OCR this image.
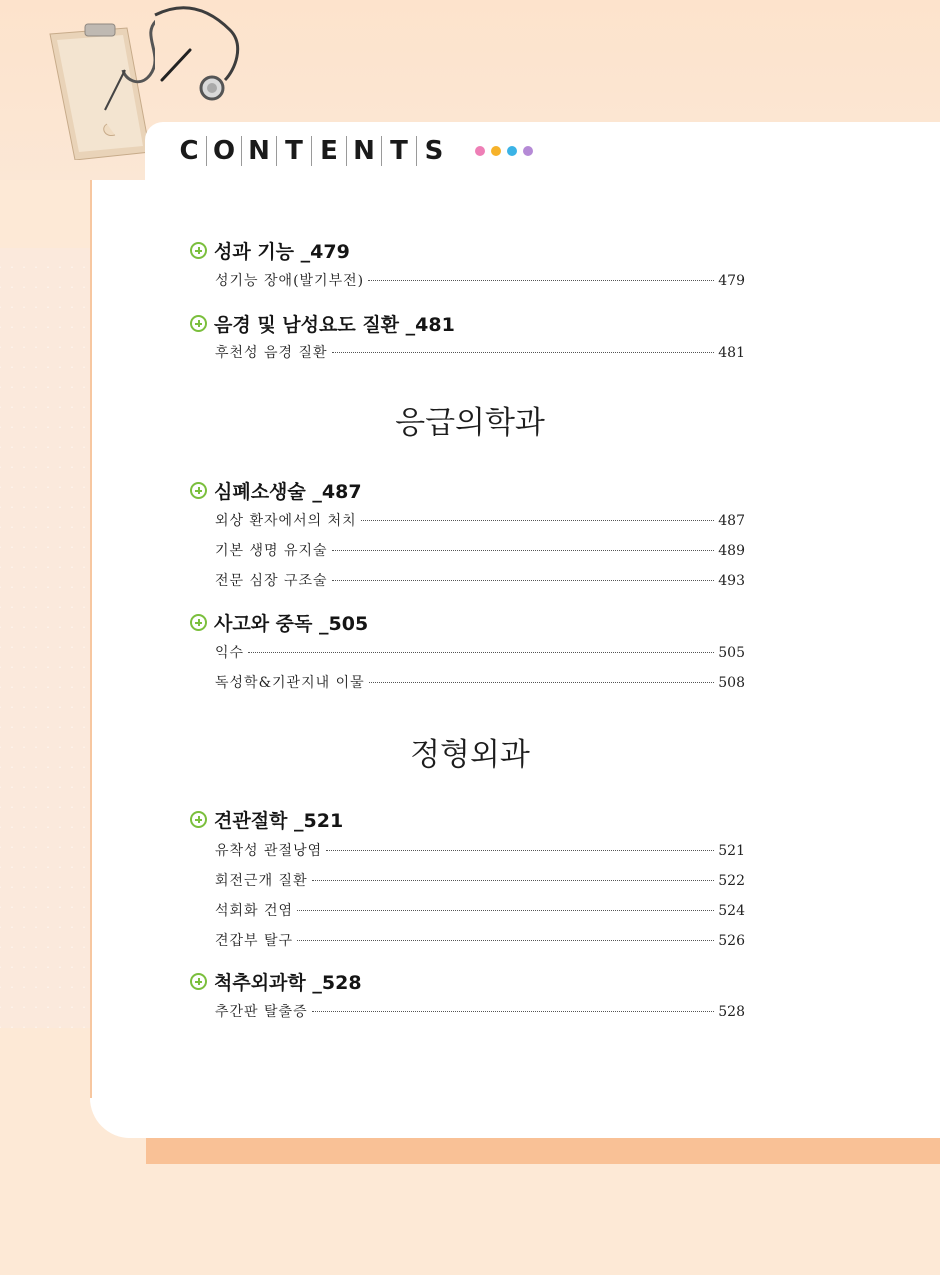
C O N T E N T S
성과 기능 _479
성기능 장애(발기부전)	479
음경 및 남성요도 질환 _481
후천성 음경 질환	481
응급의학과
심폐소생술 _487
외상 환자에서의 처치	487
기본 생명 유지술	489
전문 심장 구조술	493
사고와 중독 _505
익수	505
독성학&기관지내 이물	508
정형외과
견관절학 _521
유착성 관절낭염	521
회전근개 질환	522
석회화 건염	524
견갑부 탈구	526
척추외과학 _528
추간판 탈출증	528
